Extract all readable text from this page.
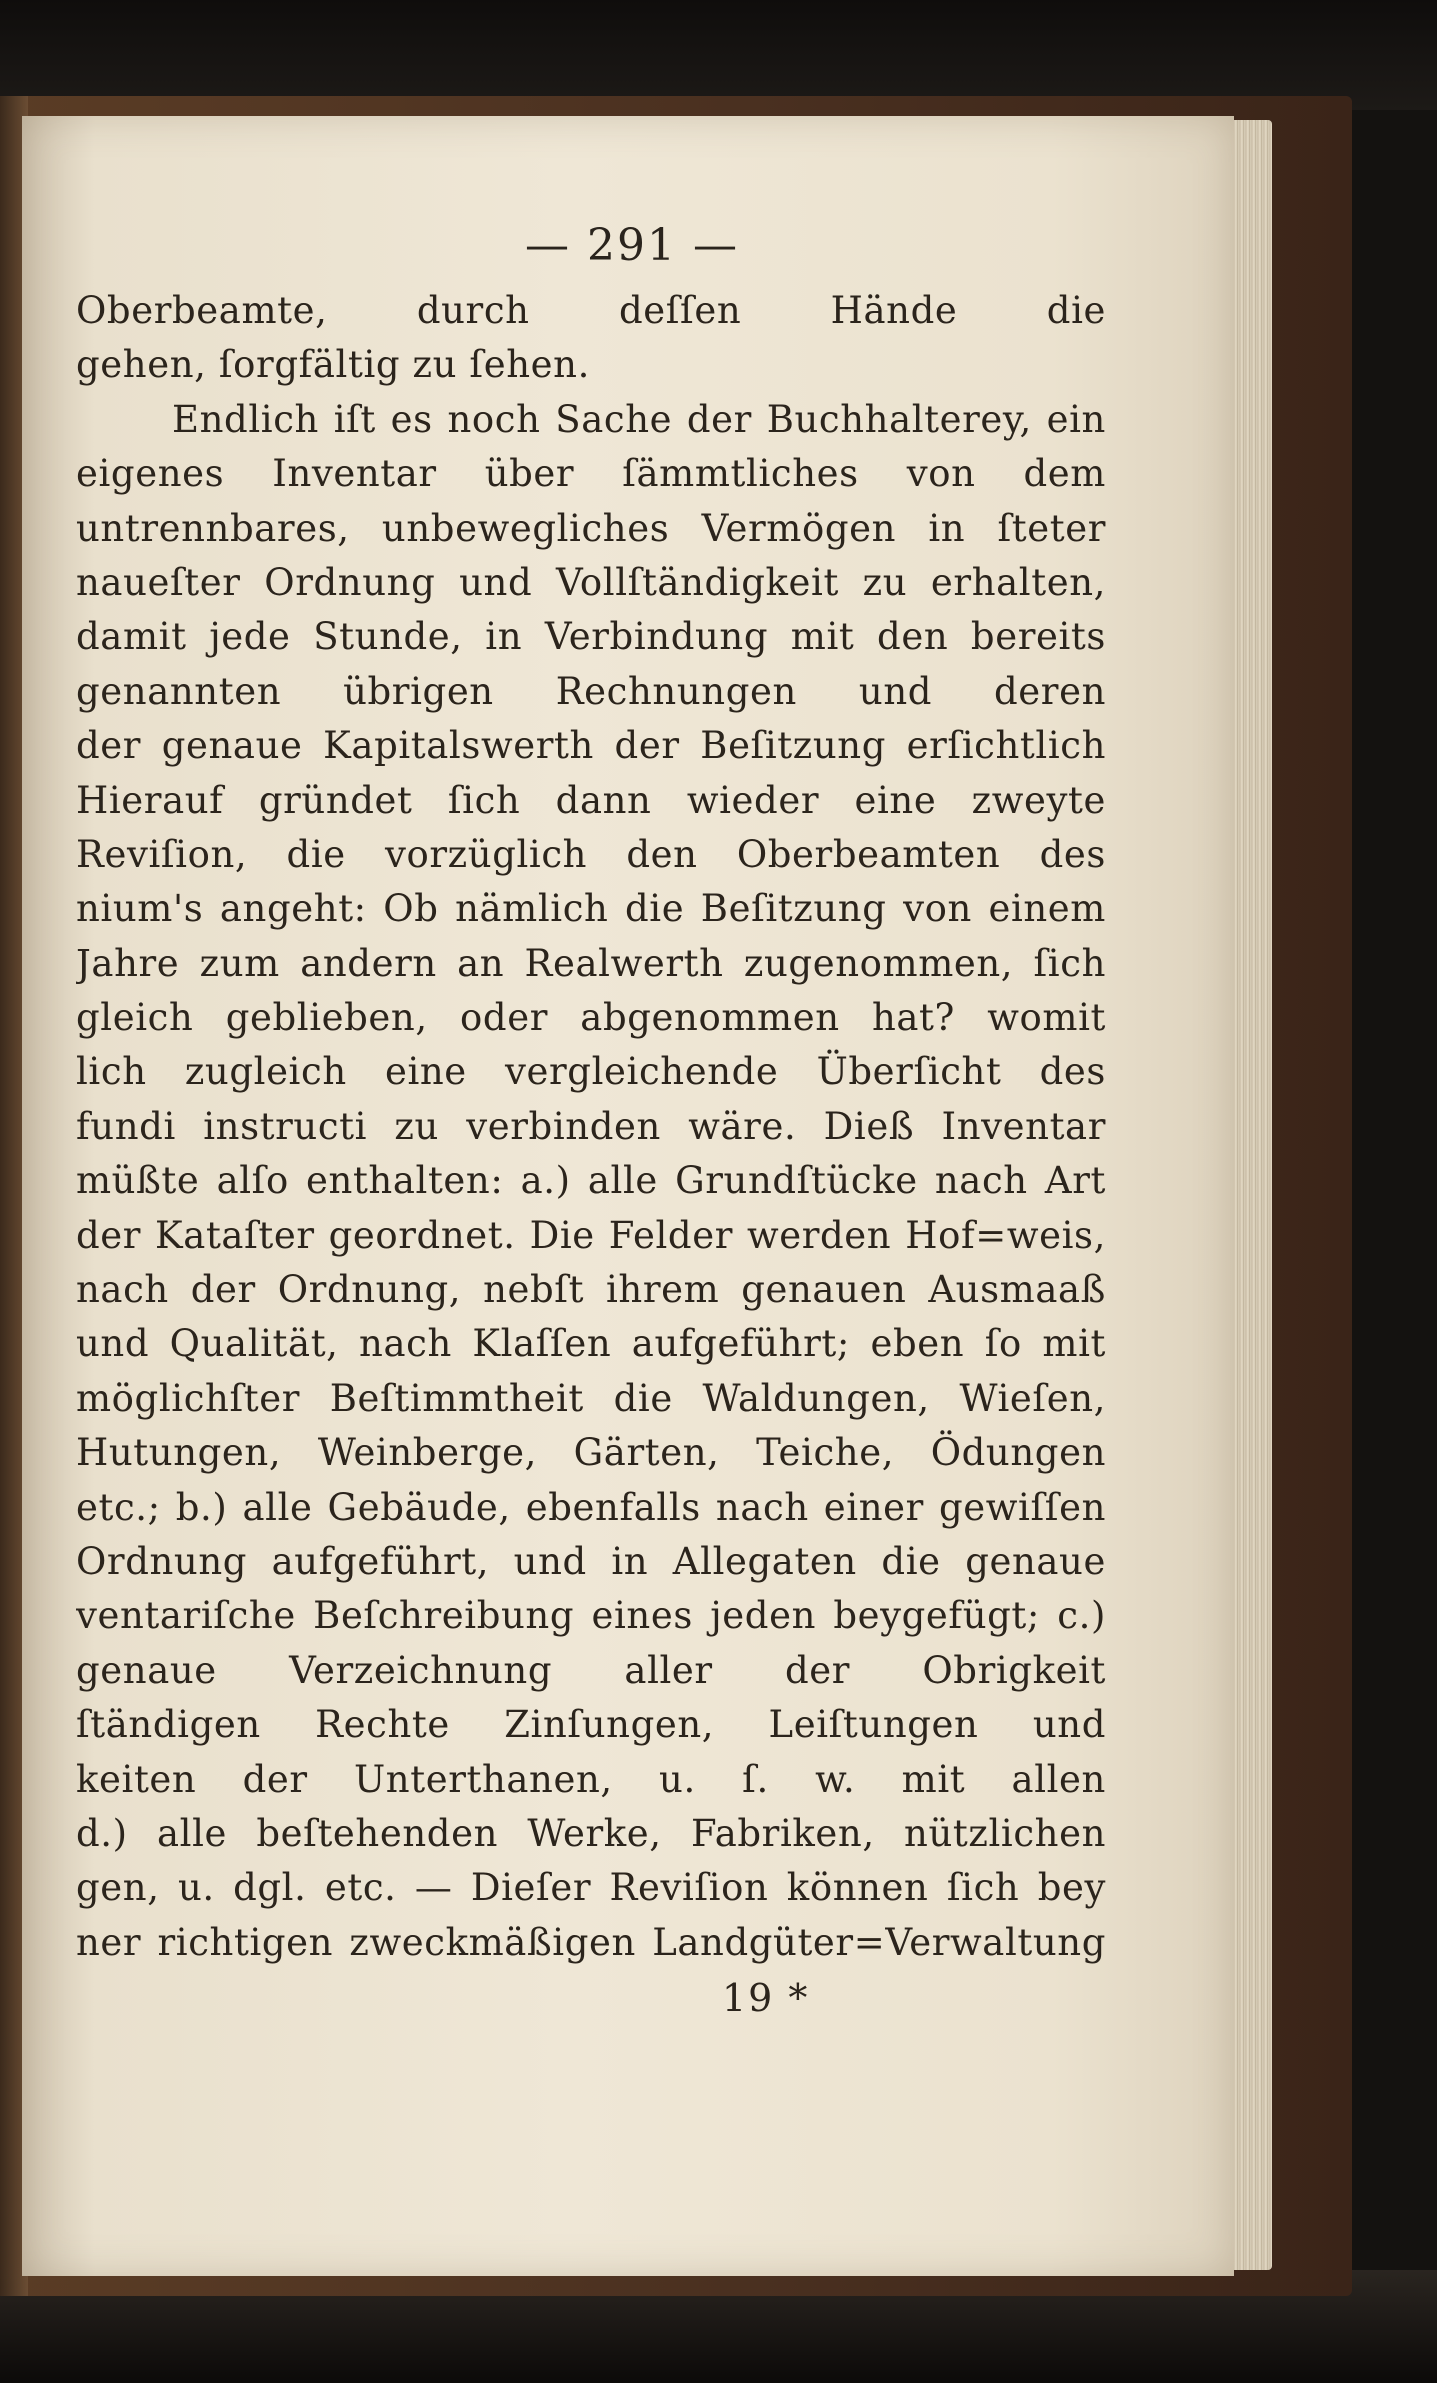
— 291 —
Oberbeamte, durch deſſen Hände die
gehen, ſorgfältig zu ſehen.
Endlich iſt es noch Sache der Buchhalterey, ein
eigenes Inventar über ſämmtliches von dem
untrennbares, unbewegliches Vermögen in ſteter
naueſter Ordnung und Vollſtändigkeit zu erhalten,
damit jede Stunde, in Verbindung mit den bereits
genannten übrigen Rechnungen und deren
der genaue Kapitalswerth der Beſitzung erſichtlich
Hierauf gründet ſich dann wieder eine zweyte
Reviſion, die vorzüglich den Oberbeamten des
nium's angeht: Ob nämlich die Beſitzung von einem
Jahre zum andern an Realwerth zugenommen, ſich
gleich geblieben, oder abgenommen hat? womit
lich zugleich eine vergleichende Überſicht des
fundi instructi zu verbinden wäre. Dieß Inventar
müßte alſo enthalten: a.) alle Grundſtücke nach Art
der Kataſter geordnet. Die Felder werden Hof=weis,
nach der Ordnung, nebſt ihrem genauen Ausmaaß
und Qualität, nach Klaſſen aufgeführt; eben ſo mit
möglichſter Beſtimmtheit die Waldungen, Wieſen,
Hutungen, Weinberge, Gärten, Teiche, Ödungen
etc.; b.) alle Gebäude, ebenfalls nach einer gewiſſen
Ordnung aufgeführt, und in Allegaten die genaue
ventariſche Beſchreibung eines jeden beygefügt; c.)
genaue Verzeichnung aller der Obrigkeit
ſtändigen Rechte Zinſungen, Leiſtungen und
keiten der Unterthanen, u. ſ. w. mit allen
d.) alle beſtehenden Werke, Fabriken, nützlichen
gen, u. dgl. etc. — Dieſer Reviſion können ſich bey
ner richtigen zweckmäßigen Landgüter=Verwaltung
19 *
